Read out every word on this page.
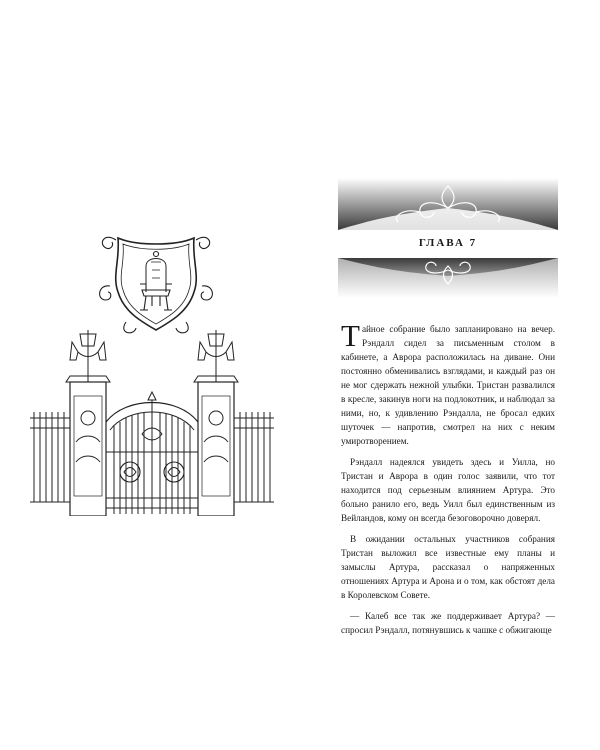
ГЛАВА 7

Тайное собрание было запланировано на вечер. Рэндалл сидел за письменным столом в кабинете, а Аврора расположилась на диване. Они постоянно обменивались взглядами, и каждый раз он не мог сдержать нежной улыбки. Тристан развалился в кресле, закинув ноги на подлокотник, и наблюдал за ними, но, к удивлению Рэндалла, не бросал едких шуточек — напротив, смотрел на них с неким умиротворением.

Рэндалл надеялся увидеть здесь и Уилла, но Тристан и Аврора в один голос заявили, что тот находится под серьезным влиянием Артура. Это больно ранило его, ведь Уилл был единственным из Вейландов, кому он всегда безоговорочно доверял.

В ожидании остальных участников собрания Тристан выложил все известные ему планы и замыслы Артура, рассказал о напряженных отношениях Артура и Арона и о том, как обстоят дела в Королевском Совете.

— Калеб все так же поддерживает Артура? — спросил Рэндалл, потянувшись к чашке с обжигающе
